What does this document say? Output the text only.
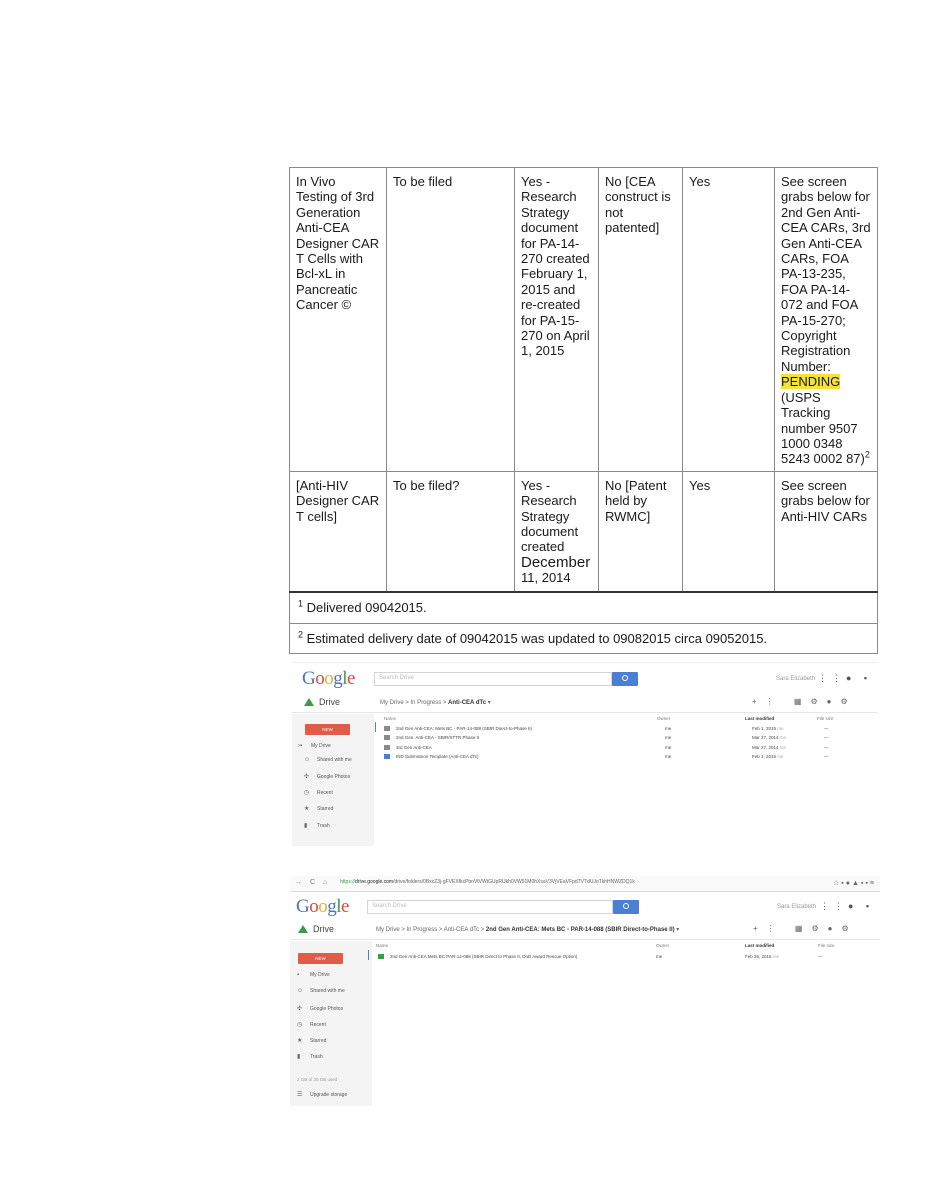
In Vivo Testing of 3rd Generation Anti-CEA Designer CAR T Cells with Bcl-xL in Pancreatic Cancer ©	To be filed	Yes - Research Strategy document for PA-14-270 created February 1, 2015 and re-created for PA-15-270 on April 1, 2015	No [CEA construct is not patented]	Yes	See screen grabs below for 2nd Gen Anti-CEA CARs, 3rd Gen Anti-CEA CARs, FOA PA-13-235, FOA PA-14-072 and FOA PA-15-270; Copyright Registration Number: PENDING (USPS Tracking number 9507 1000 0348 5243 0002 87)$^2$
[Anti-HIV Designer CAR T cells]	To be filed?	Yes - Research Strategy document created December 11, 2014	No [Patent held by RWMC]	Yes	See screen grabs below for Anti-HIV CARs
$^1$ Delivered 09042015.					
$^2$ Estimated delivery date of 09042015 was updated to 09082015 circa 09052015.					
Google	Search Drive	Sara Elizabeth ⋮⋮● ▪
Drive	My Drive > In Progress > Anti-CEA dTc ▾	+⋮ ▦⚙●⚙
NEW
›▪ My Drive
☺ Shared with me
✣ Google Photos
◷ Recent
★ Starred
▮ Trash
Name	Owner	Last modified	File size
2nd Gen Anti-CEA: Mets BC - PAR-14-088 (SBIR Direct-to-Phase II)	me	Feb 1, 2015 me	—
2nd Gen. Anti-CEA - SBIR/STTR Phase II	me	Mar 27, 2014 me	—
3rd Gen Anti-CEA	me	Mar 27, 2014 me	—
IND Submission Template (Anti-CEA dTc)	me	Feb 1, 2015 me	—
→ C ⌂ https://drive.google.com/drive/folders/0BxcZ3j-gFVEXfkxPbnVtVWtGUpRUkh0VW51M0hXsaV3VjVEaVFpdTVTdUJoTkhHNWZDQ1k	☆▪●▲▪▪≡
Google	Search Drive	Sara Elizabeth ⋮⋮● ▪
Drive	My Drive > In Progress > Anti-CEA dTc > 2nd Gen Anti-CEA: Mets BC - PAR-14-088 (SBIR Direct-to-Phase II) ▾	+⋮ ▦⚙●⚙
NEW
▪ My Drive
☺ Shared with me
✣ Google Photos
◷ Recent
★ Starred
▮ Trash
2 GB of 30 GB used
☰ Upgrade storage
Name	Owner	Last modified	File size
2nd Gen Anti-CEA Mets BC PAR-14-088 (SBIR Direct to Phase II, DoD Award Rescue Option)	me	Feb 26, 2015 me	—
